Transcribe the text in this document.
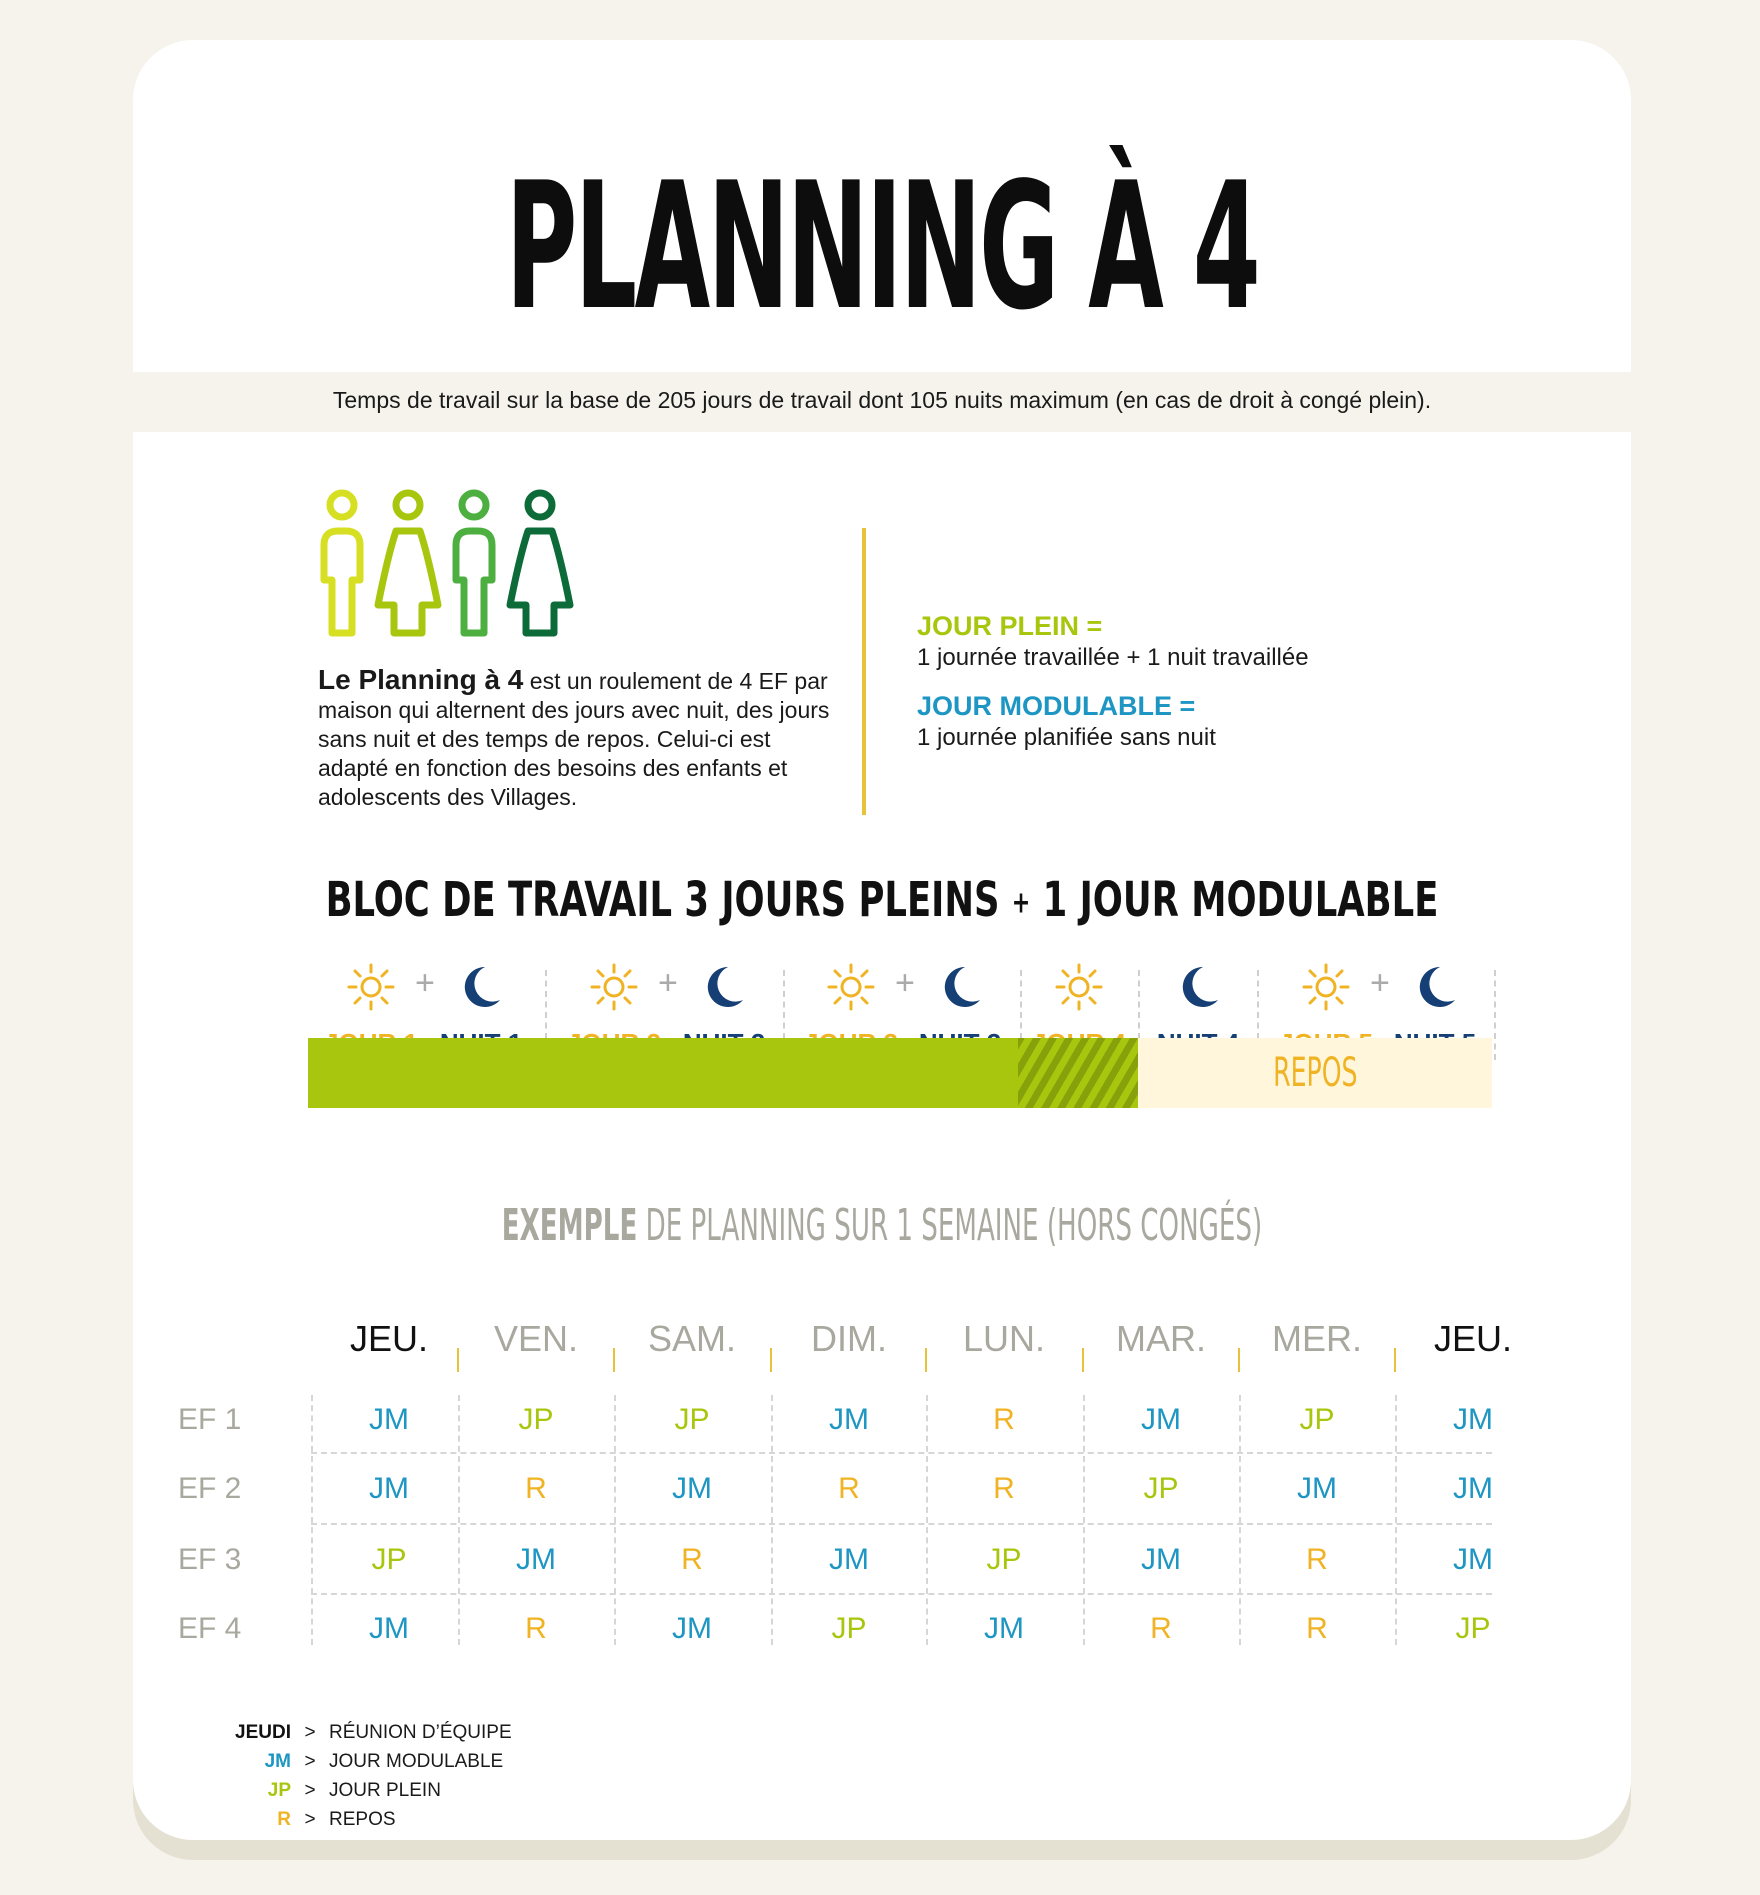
PLANNING À 4
Temps de travail sur la base de 205 jours de travail dont 105 nuits maximum (en cas de droit à congé plein).
Le Planning à 4 est un roulement de 4 EF par maison qui alternent des jours avec nuit, des jours sans nuit et des temps de repos. Celui-ci est adapté en fonction des besoins des enfants et adolescents des Villages.
JOUR PLEIN =
1 journée travaillée + 1 nuit travaillée
JOUR MODULABLE =
1 journée planifiée sans nuit
BLOC DE TRAVAIL 3 JOURS PLEINS + 1 JOUR MODULABLE
+	+	+	+
REPOS
EXEMPLE DE PLANNING SUR 1 SEMAINE (HORS CONGÉS)
JEU.	VEN.	SAM.	DIM.	LUN.	MAR.	MER.	JEU.
EF 1	JM	JP	JP	JM	R	JM	JP	JM
EF 2	JM	R	JM	R	R	JP	JM	JM
EF 3	JP	JM	R	JM	JP	JM	R	JM
EF 4	JM	R	JM	JP	JM	R	R	JP
JEUDI > RÉUNION D’ÉQUIPE
JM > JOUR MODULABLE
JP > JOUR PLEIN
R > REPOS
